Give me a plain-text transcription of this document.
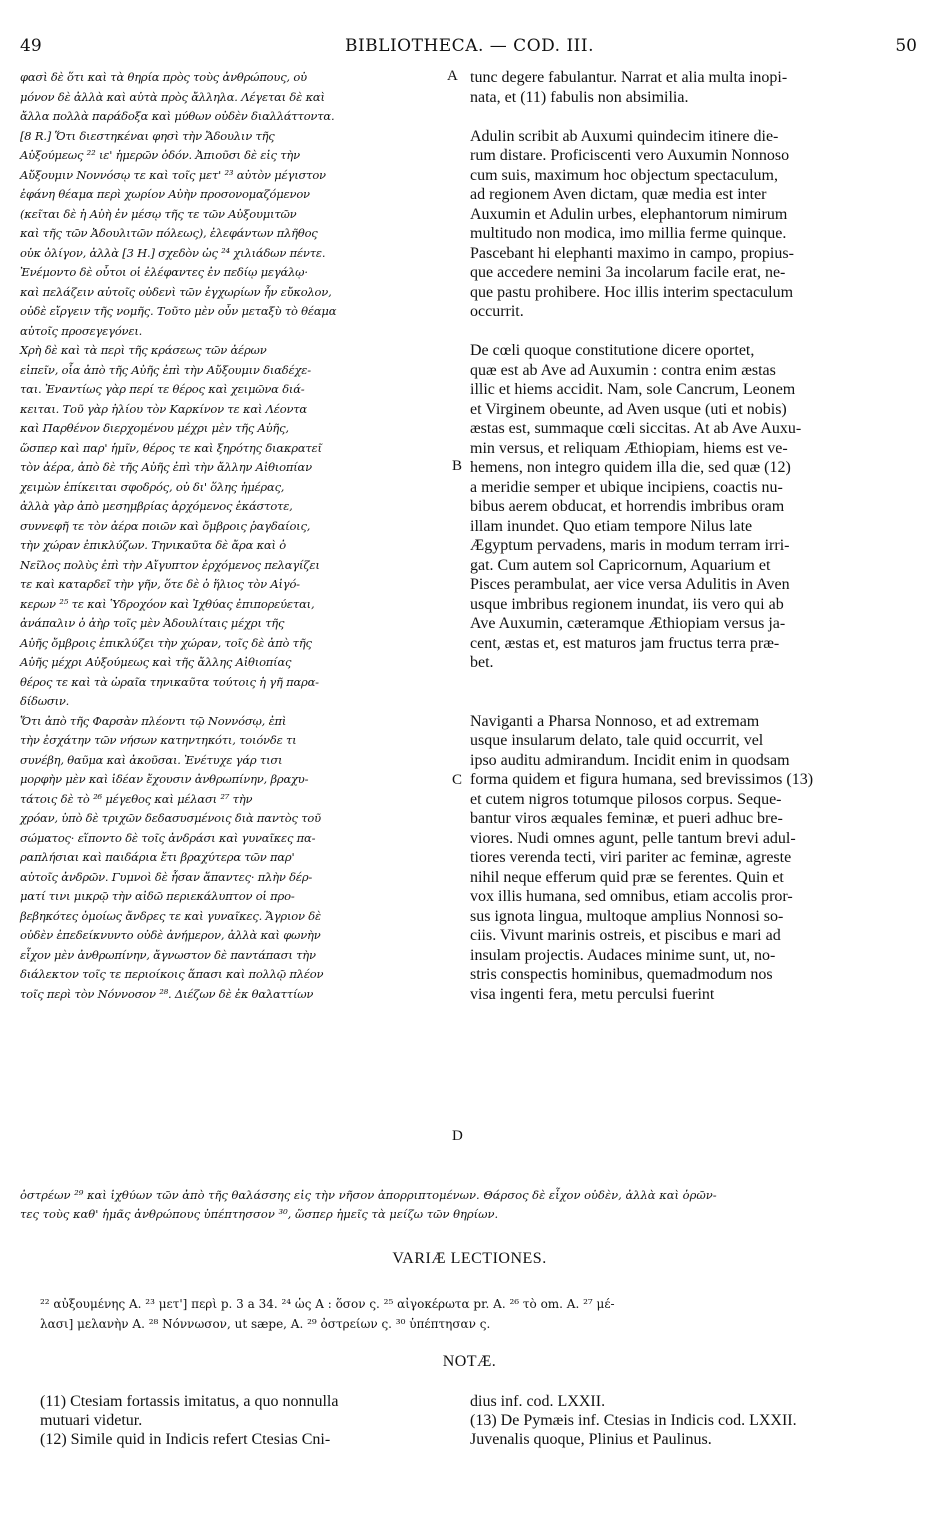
49	BIBLIOTHECA. — COD. III.	50
φασὶ δὲ ὅτι καὶ τὰ θηρία πρὸς τοὺς ἀνθρώπους, οὐ
μόνον δὲ ἀλλὰ καὶ αὐτὰ πρὸς ἄλληλα. Λέγεται δὲ καὶ
ἄλλα πολλὰ παράδοξα καὶ μύθων οὐδὲν διαλλάττοντα.
[8 R.] Ὅτι διεστηκέναι φησὶ τὴν Ἄδουλιν τῆς
Αὐξούμεως ²² ιε' ἡμερῶν ὁδόν. Ἀπιοῦσι δὲ εἰς τὴν
Αὔξουμιν Νοννόσῳ τε καὶ τοῖς μετ' ²³ αὐτὸν μέγιστον
ἐφάνη θέαμα περὶ χωρίον Αὐὴν προσονομαζόμενον
(κεῖται δὲ ἡ Αὐὴ ἐν μέσῳ τῆς τε τῶν Αὐξουμιτῶν
καὶ τῆς τῶν Ἀδουλιτῶν πόλεως), ἐλεφάντων πλῆθος
οὐκ ὀλίγον, ἀλλὰ [3 H.] σχεδὸν ὡς ²⁴ χιλιάδων πέντε.
Ἐνέμοντο δὲ οὗτοι οἱ ἐλέφαντες ἐν πεδίῳ μεγάλῳ·
καὶ πελάζειν αὐτοῖς οὐδενὶ τῶν ἐγχωρίων ἦν εὔκολον,
οὐδὲ εἴργειν τῆς νομῆς. Τοῦτο μὲν οὖν μεταξὺ τὸ θέαμα
αὐτοῖς προσεγεγόνει.
Χρὴ δὲ καὶ τὰ περὶ τῆς κράσεως τῶν ἀέρων
εἰπεῖν, οἷα ἀπὸ τῆς Αὐῆς ἐπὶ τὴν Αὔξουμιν διαδέχε-
ται. Ἐναντίως γὰρ περί τε θέρος καὶ χειμῶνα διά-
κειται. Τοῦ γὰρ ἡλίου τὸν Καρκίνον τε καὶ Λέοντα
καὶ Παρθένον διερχομένου μέχρι μὲν τῆς Αὐῆς,
ὥσπερ καὶ παρ' ἡμῖν, θέρος τε καὶ ξηρότης διακρατεῖ
τὸν ἀέρα, ἀπὸ δὲ τῆς Αὐῆς ἐπὶ τὴν ἄλλην Αἰθιοπίαν
χειμὼν ἐπίκειται σφοδρός, οὐ δι' ὅλης ἡμέρας,
ἀλλὰ γὰρ ἀπὸ μεσημβρίας ἀρχόμενος ἑκάστοτε,
συννεφῆ τε τὸν ἀέρα ποιῶν καὶ ὄμβροις ῥαγδαίοις,
τὴν χώραν ἐπικλύζων. Τηνικαῦτα δὲ ἄρα καὶ ὁ
Νεῖλος πολὺς ἐπὶ τὴν Αἴγυπτον ἐρχόμενος πελαγίζει
τε καὶ καταρδεῖ τὴν γῆν, ὅτε δὲ ὁ ἥλιος τὸν Αἰγό-
κερων ²⁵ τε καὶ Ὑδροχόον καὶ Ἰχθύας ἐπιπορεύεται,
ἀνάπαλιν ὁ ἀὴρ τοῖς μὲν Ἀδουλίταις μέχρι τῆς
Αὐῆς ὄμβροις ἐπικλύζει τὴν χώραν, τοῖς δὲ ἀπὸ τῆς
Αὐῆς μέχρι Αὐξούμεως καὶ τῆς ἄλλης Αἰθιοπίας
θέρος τε καὶ τὰ ὡραῖα τηνικαῦτα τούτοις ἡ γῆ παρα-
δίδωσιν.
Ὅτι ἀπὸ τῆς Φαρσὰν πλέοντι τῷ Νοννόσῳ, ἐπὶ
τὴν ἐσχάτην τῶν νήσων κατηντηκότι, τοιόνδε τι
συνέβη, θαῦμα καὶ ἀκοῦσαι. Ἐνέτυχε γάρ τισι
μορφὴν μὲν καὶ ἰδέαν ἔχουσιν ἀνθρωπίνην, βραχυ-
τάτοις δὲ τὸ ²⁶ μέγεθος καὶ μέλασι ²⁷ τὴν
χρόαν, ὑπὸ δὲ τριχῶν δεδασυσμένοις διὰ παντὸς τοῦ
σώματος· εἵποντο δὲ τοῖς ἀνδράσι καὶ γυναῖκες πα-
ραπλήσιαι καὶ παιδάρια ἔτι βραχύτερα τῶν παρ'
αὐτοῖς ἀνδρῶν. Γυμνοὶ δὲ ἦσαν ἅπαντες· πλὴν δέρ-
ματί τινι μικρῷ τὴν αἰδῶ περιεκάλυπτον οἱ προ-
βεβηκότες ὁμοίως ἄνδρες τε καὶ γυναῖκες. Ἄγριον δὲ
οὐδὲν ἐπεδείκνυντο οὐδὲ ἀνήμερον, ἀλλὰ καὶ φωνὴν
εἶχον μὲν ἀνθρωπίνην, ἄγνωστον δὲ παντάπασι τὴν
διάλεκτον τοῖς τε περιοίκοις ἅπασι καὶ πολλῷ πλέον
τοῖς περὶ τὸν Νόννοσον ²⁸. Διέζων δὲ ἐκ θαλαττίων
tunc degere fabulantur. Narrat et alia multa inopi-
nata, et (11) fabulis non absimilia.
Adulin scribit ab Auxumi quindecim itinere die-
rum distare. Proficiscenti vero Auxumin Nonnoso
cum suis, maximum hoc objectum spectaculum,
ad regionem Aven dictam, quæ media est inter
Auxumin et Adulin urbes, elephantorum nimirum
multitudo non modica, imo millia ferme quinque.
Pascebant hi elephanti maximo in campo, propius-
que accedere nemini 3a incolarum facile erat, ne-
que pastu prohibere. Hoc illis interim spectaculum
occurrit.
De cœli quoque constitutione dicere oportet,
quæ est ab Ave ad Auxumin : contra enim æstas
illic et hiems accidit. Nam, sole Cancrum, Leonem
et Virginem obeunte, ad Aven usque (uti et nobis)
æstas est, summaque cœli siccitas. At ab Ave Auxu-
min versus, et reliquam Æthiopiam, hiems est ve-
hemens, non integro quidem illa die, sed quæ (12)
a meridie semper et ubique incipiens, coactis nu-
bibus aerem obducat, et horrendis imbribus oram
illam inundet. Quo etiam tempore Nilus late
Ægyptum pervadens, maris in modum terram irri-
gat. Cum autem sol Capricornum, Aquarium et
Pisces perambulat, aer vice versa Adulitis in Aven
usque imbribus regionem inundat, iis vero qui ab
Ave Auxumin, cæteramque Æthiopiam versus ja-
cent, æstas et, est maturos jam fructus terra præ-
bet.
Naviganti a Pharsa Nonnoso, et ad extremam
usque insularum delato, tale quid occurrit, vel
ipso auditu admirandum. Incidit enim in quodsam
forma quidem et figura humana, sed brevissimos (13)
et cutem nigros totumque pilosos corpus. Seque-
bantur viros æquales feminæ, et pueri adhuc bre-
viores. Nudi omnes agunt, pelle tantum brevi adul-
tiores verenda tecti, viri pariter ac feminæ, agreste
nihil neque efferum quid præ se ferentes. Quin et
vox illis humana, sed omnibus, etiam accolis pror-
sus ignota lingua, multoque amplius Nonnosi so-
ciis. Vivunt marinis ostreis, et piscibus e mari ad
insulam projectis. Audaces minime sunt, ut, no-
stris conspectis hominibus, quemadmodum nos
visa ingenti fera, metu perculsi fuerint
A
B
C
D
ὀστρέων ²⁹ καὶ ἰχθύων τῶν ἀπὸ τῆς θαλάσσης εἰς τὴν νῆσον ἀπορριπτομένων. Θάρσος δὲ εἶχον οὐδὲν, ἀλλὰ καὶ ὁρῶν-
τες τοὺς καθ' ἡμᾶς ἀνθρώπους ὑπέπτησσον ³⁰, ὥσπερ ἡμεῖς τὰ μείζω τῶν θηρίων.
VARIÆ LECTIONES.
²² αὐξουμένης A. ²³ μετ'] περὶ p. 3 a 34. ²⁴ ὡς A : ὅσον ς. ²⁵ αἰγοκέρωτα pr. A. ²⁶ τὸ om. A. ²⁷ μέ-
λασι] μελανὴν A. ²⁸ Νόννωσον, ut sæpe, A. ²⁹ ὀστρείων ς. ³⁰ ὑπέπτησαν ς.
NOTÆ.
(11) Ctesiam fortassis imitatus, a quo nonnulla
mutuari videtur.
(12) Simile quid in Indicis refert Ctesias Cni-
dius inf. cod. LXXII.
(13) De Pymæis inf. Ctesias in Indicis cod. LXXII.
Juvenalis quoque, Plinius et Paulinus.
